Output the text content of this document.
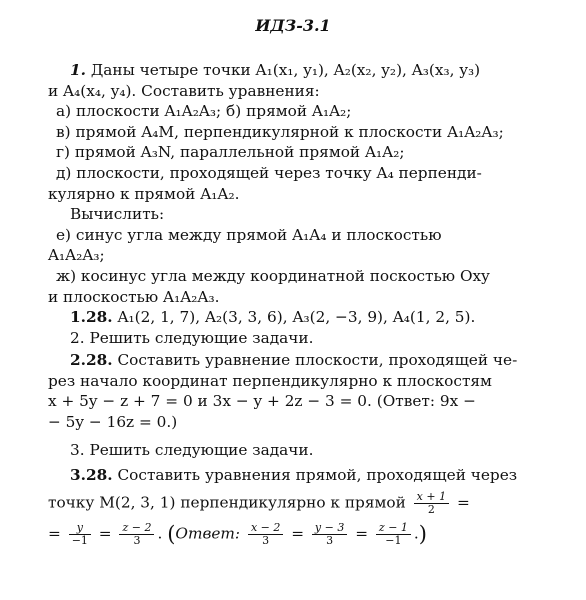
ИДЗ-3.1
1. Даны четыре точки A₁(x₁, y₁), A₂(x₂, y₂), A₃(x₃, y₃)
и A₄(x₄, y₄). Составить уравнения:
а) плоскости A₁A₂A₃; б) прямой A₁A₂;
в) прямой A₄M, перпендикулярной к плоскости A₁A₂A₃;
г) прямой A₃N, параллельной прямой A₁A₂;
д) плоскости, проходящей через точку A₄ перпенди-
кулярно к прямой A₁A₂.
Вычислить:
е) синус угла между прямой A₁A₄ и плоскостью
A₁A₂A₃;
ж) косинус угла между координатной поскостью Oxy
и плоскостью A₁A₂A₃.
1.28. A₁(2, 1, 7), A₂(3, 3, 6), A₃(2, −3, 9), A₄(1, 2, 5).
2. Решить следующие задачи.
2.28. Составить уравнение плоскости, проходящей че-
рез начало координат перпендикулярно к плоскостям
x + 5y − z + 7 = 0 и 3x − y + 2z − 3 = 0. (Ответ: 9x −
− 5y − 16z = 0.)
3. Решить следующие задачи.
3.28. Составить уравнения прямой, проходящей через
точку M(2, 3, 1) перпендикулярно к прямой $\frac{x + 1}{2}$ =
= $\frac{y}{-1} = \frac{z - 2}{3}$ . (Ответ: $\frac{x - 2}{3} = \frac{y - 3}{3} = \frac{z - 1}{-1}$ .)
